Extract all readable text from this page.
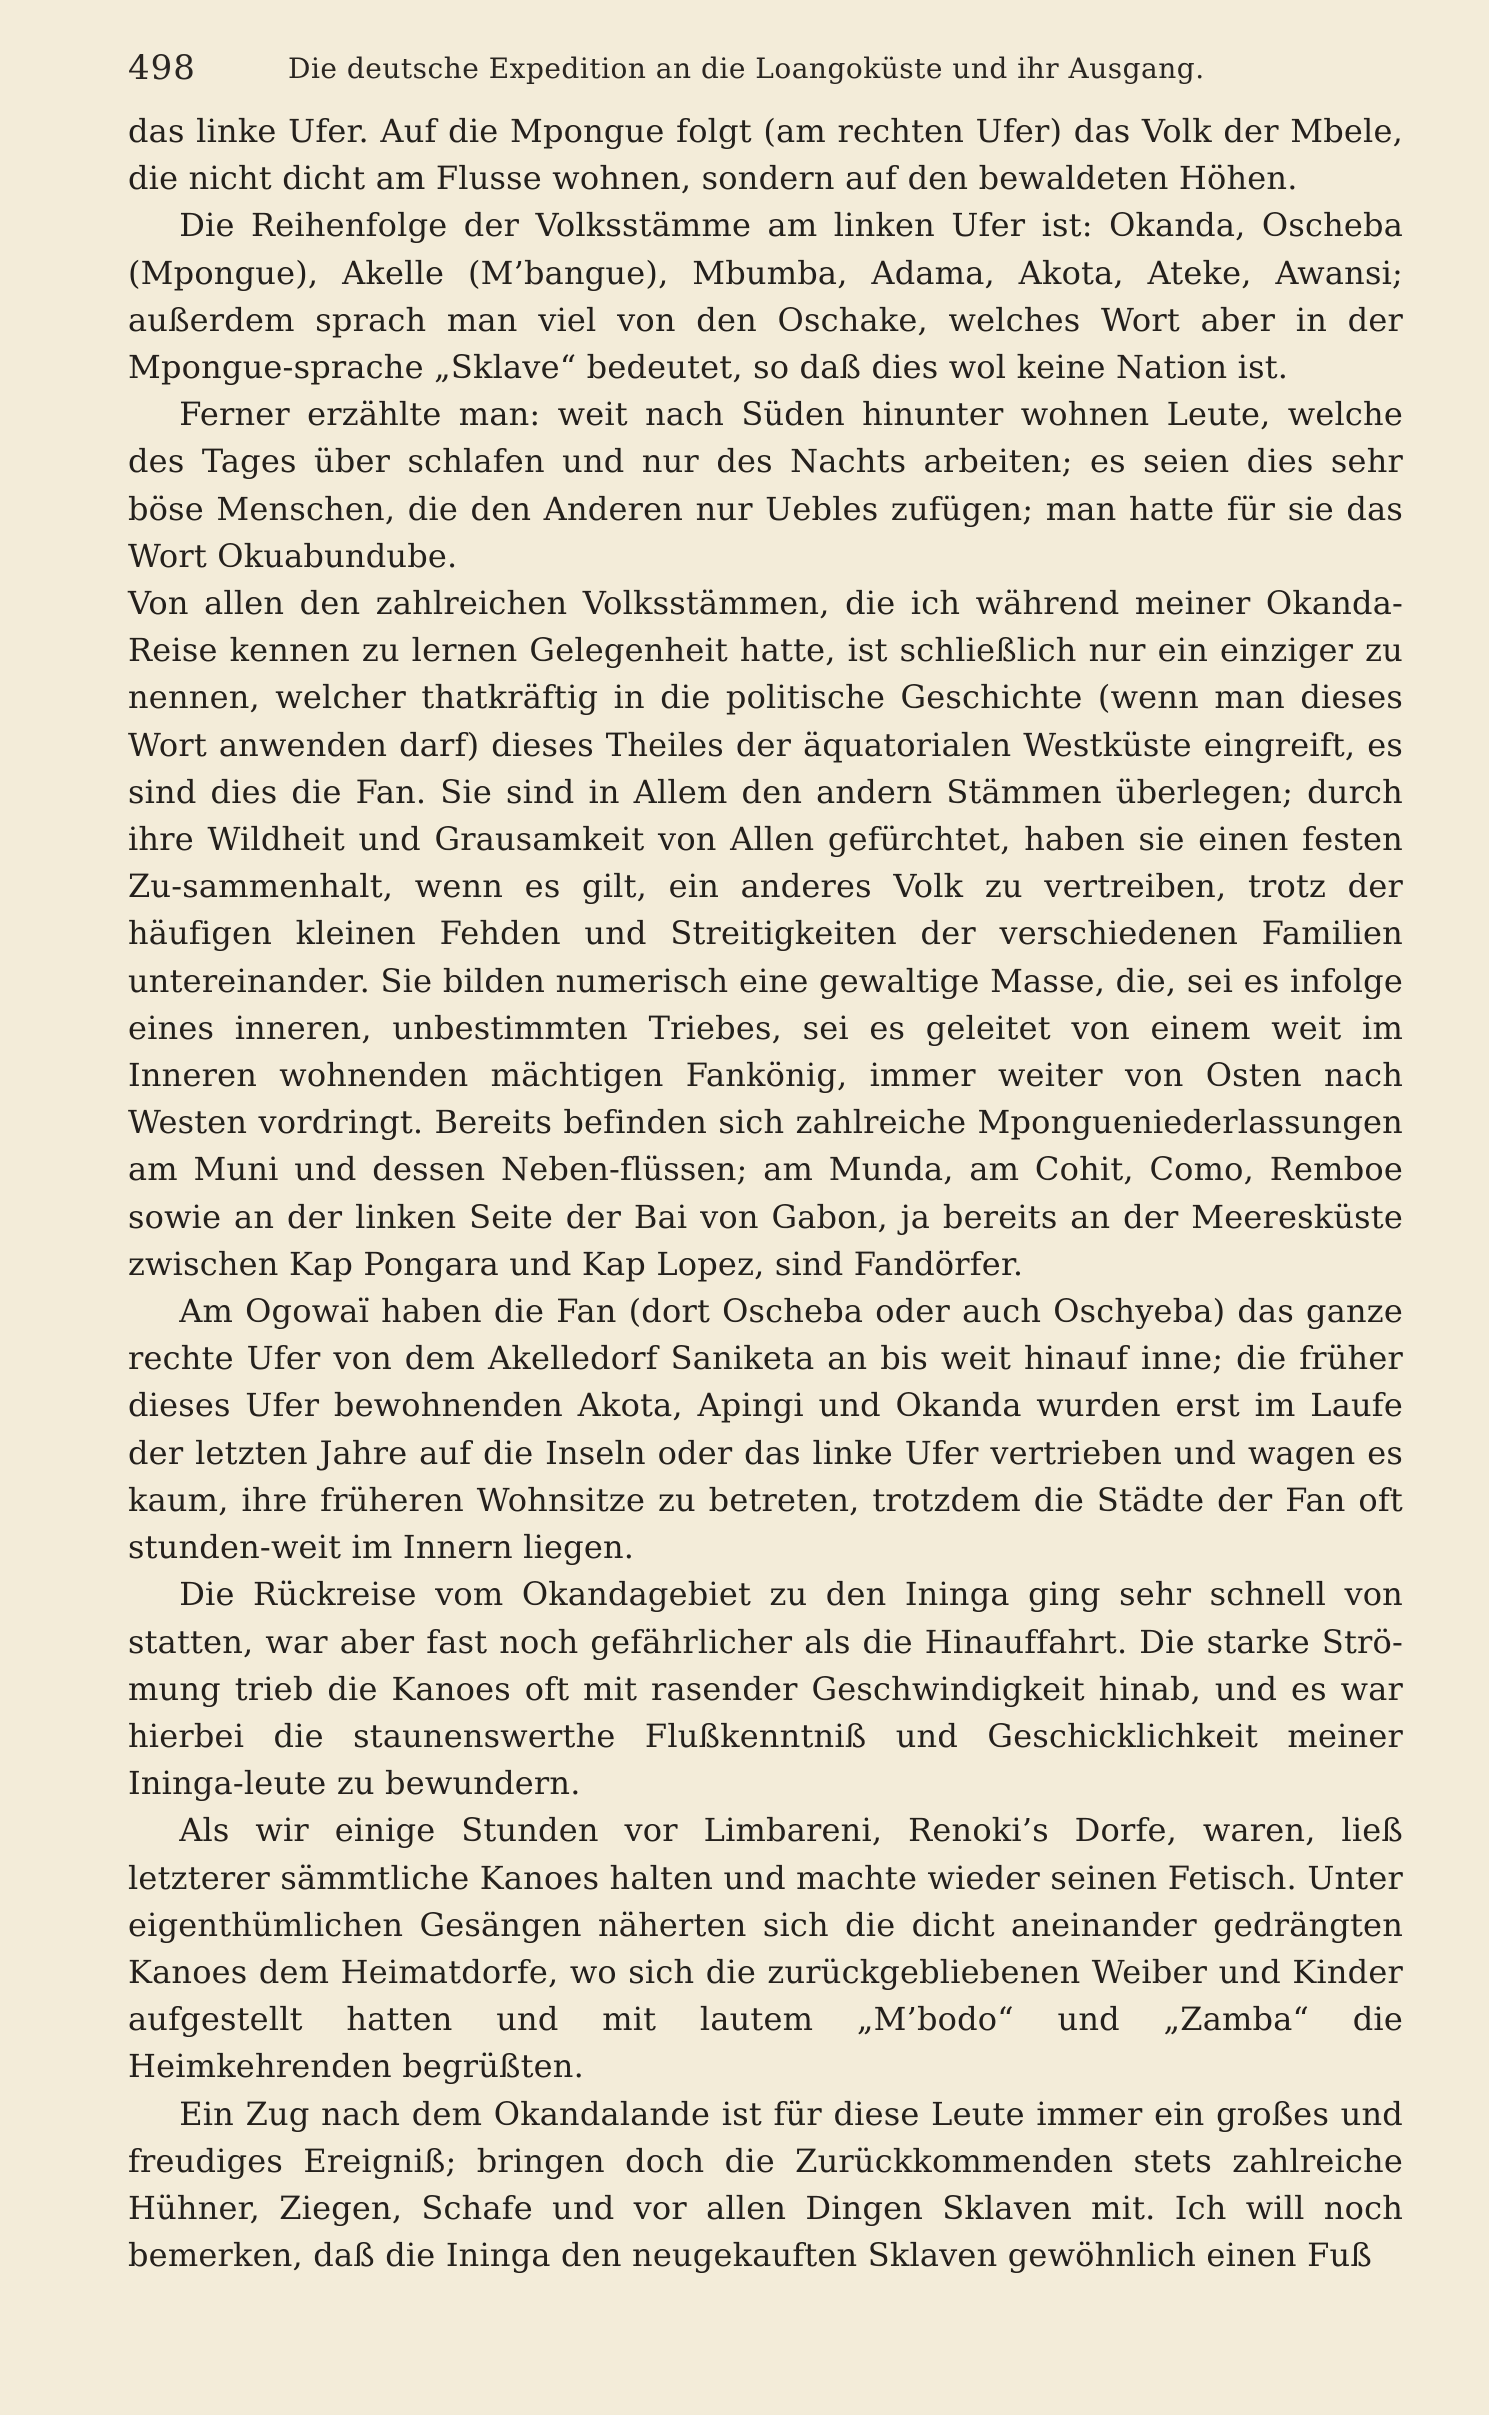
498	Die deutsche Expedition an die Loangoküste und ihr Ausgang.

das linke Ufer. Auf die Mpongue folgt (am rechten Ufer) das Volk der Mbele, die nicht dicht am Flusse wohnen, sondern auf den bewaldeten Höhen.

Die Reihenfolge der Volksstämme am linken Ufer ist: Okanda, Oscheba (Mpongue), Akelle (M’bangue), Mbumba, Adama, Akota, Ateke, Awansi; außerdem sprach man viel von den Oschake, welches Wort aber in der Mpongue-sprache „Sklave“ bedeutet, so daß dies wol keine Nation ist.

Ferner erzählte man: weit nach Süden hinunter wohnen Leute, welche des Tages über schlafen und nur des Nachts arbeiten; es seien dies sehr böse Menschen, die den Anderen nur Uebles zufügen; man hatte für sie das Wort Okuabundube.

Von allen den zahlreichen Volksstämmen, die ich während meiner Okanda-Reise kennen zu lernen Gelegenheit hatte, ist schließlich nur ein einziger zu nennen, welcher thatkräftig in die politische Geschichte (wenn man dieses Wort anwenden darf) dieses Theiles der äquatorialen Westküste eingreift, es sind dies die Fan. Sie sind in Allem den andern Stämmen überlegen; durch ihre Wildheit und Grausamkeit von Allen gefürchtet, haben sie einen festen Zu-sammenhalt, wenn es gilt, ein anderes Volk zu vertreiben, trotz der häufigen kleinen Fehden und Streitigkeiten der verschiedenen Familien untereinander. Sie bilden numerisch eine gewaltige Masse, die, sei es infolge eines inneren, unbestimmten Triebes, sei es geleitet von einem weit im Inneren wohnenden mächtigen Fankönig, immer weiter von Osten nach Westen vordringt. Bereits befinden sich zahlreiche Mpongueniederlassungen am Muni und dessen Neben-flüssen; am Munda, am Cohit, Como, Remboe sowie an der linken Seite der Bai von Gabon, ja bereits an der Meeresküste zwischen Kap Pongara und Kap Lopez, sind Fandörfer.

Am Ogowaï haben die Fan (dort Oscheba oder auch Oschyeba) das ganze rechte Ufer von dem Akelledorf Saniketa an bis weit hinauf inne; die früher dieses Ufer bewohnenden Akota, Apingi und Okanda wurden erst im Laufe der letzten Jahre auf die Inseln oder das linke Ufer vertrieben und wagen es kaum, ihre früheren Wohnsitze zu betreten, trotzdem die Städte der Fan oft stunden-weit im Innern liegen.

Die Rückreise vom Okandagebiet zu den Ininga ging sehr schnell von statten, war aber fast noch gefährlicher als die Hinauffahrt. Die starke Strö-mung trieb die Kanoes oft mit rasender Geschwindigkeit hinab, und es war hierbei die staunenswerthe Flußkenntniß und Geschicklichkeit meiner Ininga-leute zu bewundern.

Als wir einige Stunden vor Limbareni, Renoki’s Dorfe, waren, ließ letzterer sämmtliche Kanoes halten und machte wieder seinen Fetisch. Unter eigenthümlichen Gesängen näherten sich die dicht aneinander gedrängten Kanoes dem Heimatdorfe, wo sich die zurückgebliebenen Weiber und Kinder aufgestellt hatten und mit lautem „M’bodo“ und „Zamba“ die Heimkehrenden begrüßten.

Ein Zug nach dem Okandalande ist für diese Leute immer ein großes und freudiges Ereigniß; bringen doch die Zurückkommenden stets zahlreiche Hühner, Ziegen, Schafe und vor allen Dingen Sklaven mit. Ich will noch bemerken, daß die Ininga den neugekauften Sklaven gewöhnlich einen Fuß
